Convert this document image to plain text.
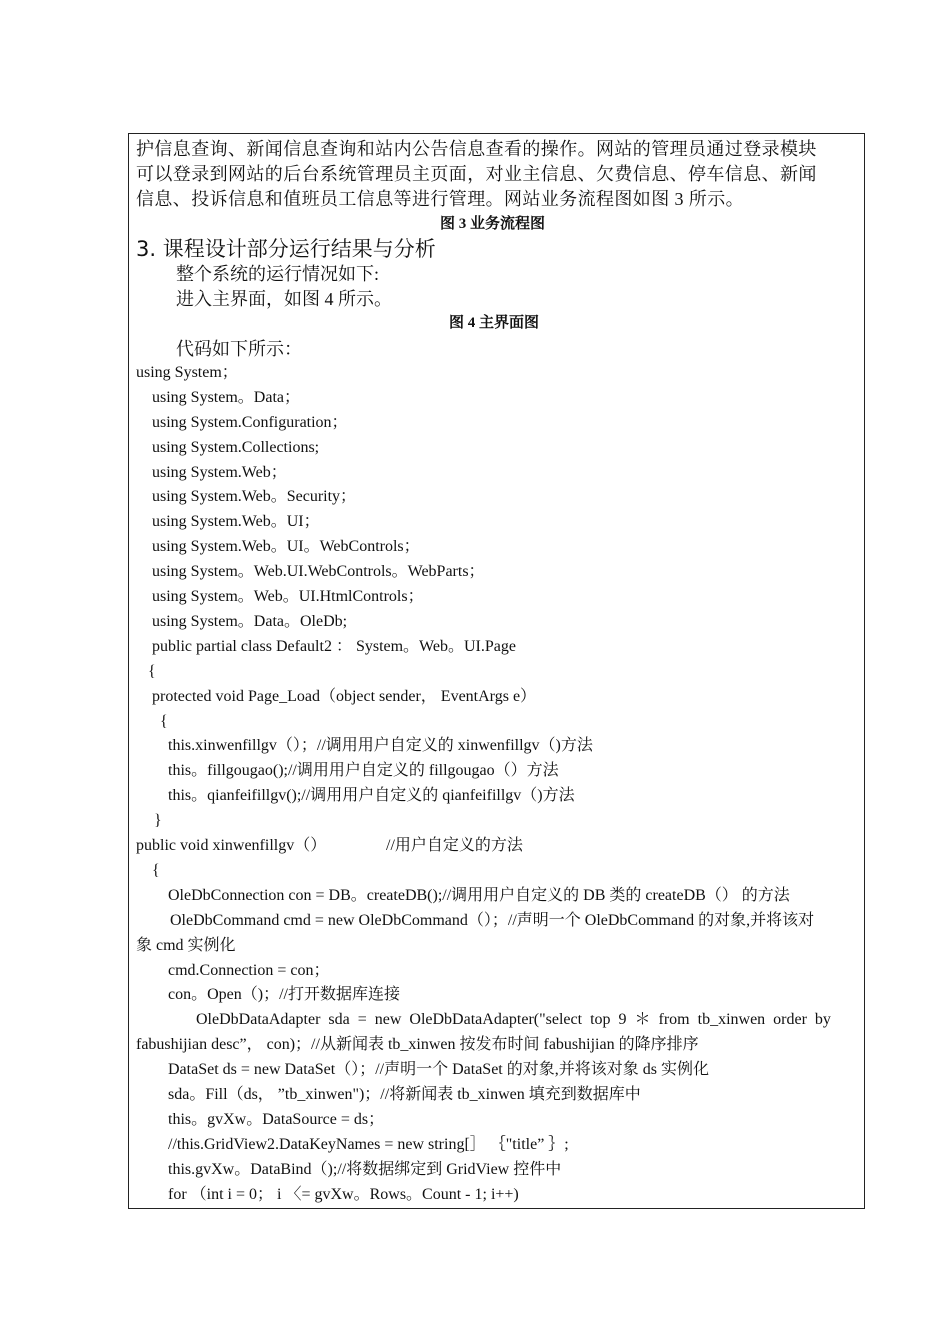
护信息查询、新闻信息查询和站内公告信息查看的操作。网站的管理员通过登录模块
可以登录到网站的后台系统管理员主页面，对业主信息、欠费信息、停车信息、新闻
信息、投诉信息和值班员工信息等进行管理。网站业务流程图如图 3 所示。
图 3 业务流程图
3. 课程设计部分运行结果与分析
整个系统的运行情况如下:
进入主界面，如图 4 所示。
图 4 主界面图
代码如下所示：
using System；
using System。Data；
using System.Configuration；
using System.Collections;
using System.Web；
using System.Web。Security；
using System.Web。UI；
using System.Web。UI。WebControls；
using System。Web.UI.WebControls。WebParts；
using System。Web。UI.HtmlControls；
using System。Data。OleDb;
public partial class Default2 ： System。Web。UI.Page
{
protected void Page_Load（object sender， EventArgs e）
{
this.xinwenfillgv（）；//调用用户自定义的 xinwenfillgv（)方法
this。fillgougao();//调用用户自定义的 fillgougao（）方法
this。qianfeifillgv();//调用用户自定义的 qianfeifillgv（)方法
}
public void xinwenfillgv（）	//用户自定义的方法
{
OleDbConnection con = DB。createDB();//调用用户自定义的 DB 类的 createDB（） 的方法
OleDbCommand cmd = new OleDbCommand（）；//声明一个 OleDbCommand 的对象,并将该对
象 cmd 实例化
cmd.Connection = con；
con。Open（)；//打开数据库连接
OleDbDataAdapter sda = new OleDbDataAdapter("select top 9 ＊ from tb_xinwen order by
fabushijian desc”， con)；//从新闻表 tb_xinwen 按发布时间 fabushijian 的降序排序
DataSet ds = new DataSet（）；//声明一个 DataSet 的对象,并将该对象 ds 实例化
sda。Fill（ds， ”tb_xinwen")；//将新闻表 tb_xinwen 填充到数据库中
this。gvXw。DataSource = ds；
//this.GridView2.DataKeyNames = new string[］ ｛"title” ｝;
this.gvXw。DataBind（);//将数据绑定到 GridView 控件中
for （int i = 0； i 〈= gvXw。Rows。Count - 1; i++)
